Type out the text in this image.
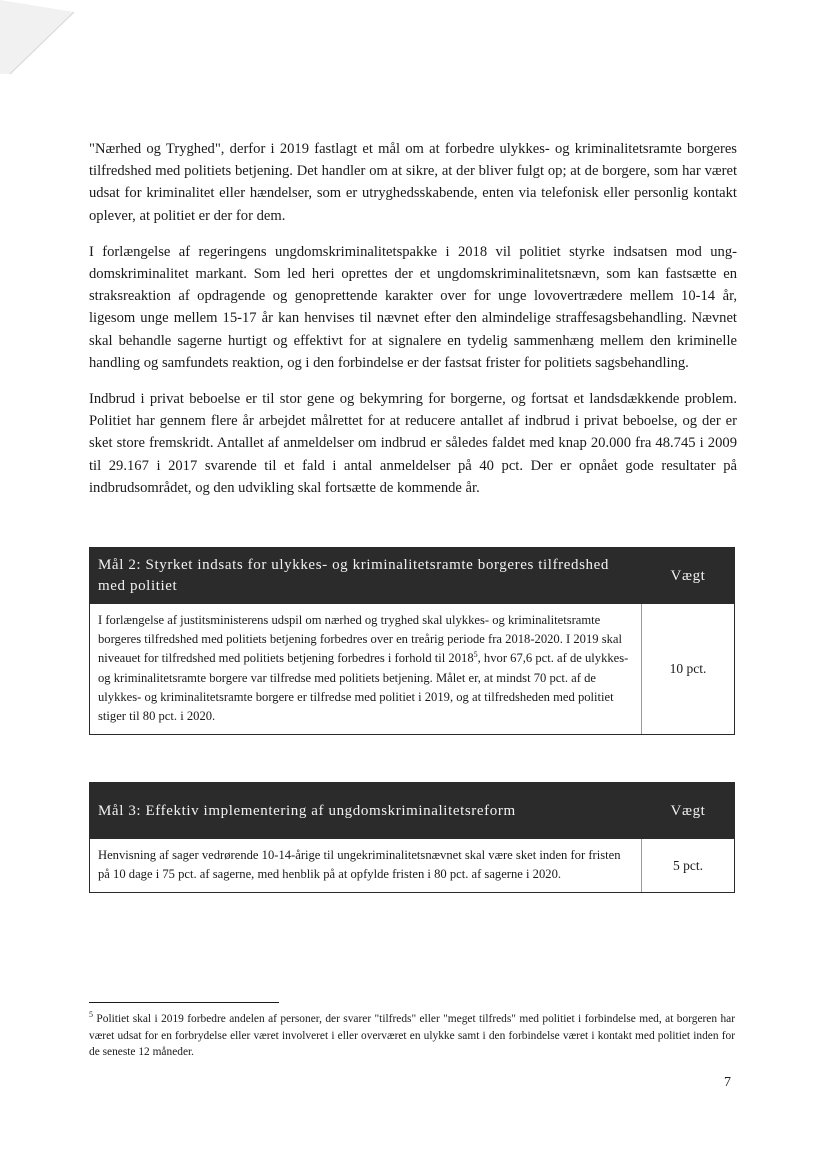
"Nærhed og Tryghed", derfor i 2019 fastlagt et mål om at forbedre ulykkes- og kriminalitetsramte borgeres tilfredshed med politiets betjening. Det handler om at sikre, at der bliver fulgt op; at de borgere, som har været udsat for kriminalitet eller hændelser, som er utryghedsskabende, enten via telefonisk eller personlig kontakt oplever, at politiet er der for dem.

I forlængelse af regeringens ungdomskriminalitetspakke i 2018 vil politiet styrke indsatsen mod ungdomskriminalitet markant. Som led heri oprettes der et ungdomskriminalitetsnævn, som kan fastsætte en straksreaktion af opdragende og genoprettende karakter over for unge lovovertrædere mellem 10-14 år, ligesom unge mellem 15-17 år kan henvises til nævnet efter den almindelige straffesagsbehandling. Nævnet skal behandle sagerne hurtigt og effektivt for at signalere en tydelig sammenhæng mellem den kriminelle handling og samfundets reaktion, og i den forbindelse er der fastsat frister for politiets sagsbehandling.

Indbrud i privat beboelse er til stor gene og bekymring for borgerne, og fortsat et landsdækkende problem. Politiet har gennem flere år arbejdet målrettet for at reducere antallet af indbrud i privat beboelse, og der er sket store fremskridt. Antallet af anmeldelser om indbrud er således faldet med knap 20.000 fra 48.745 i 2009 til 29.167 i 2017 svarende til et fald i antal anmeldelser på 40 pct. Der er opnået gode resultater på indbrudsområdet, og den udvikling skal fortsætte de kommende år.

Mål 2: Styrket indsats for ulykkes- og kriminalitetsramte borgeres tilfredshed med politiet
Vægt
I forlængelse af justitsministerens udspil om nærhed og tryghed skal ulykkes- og kriminalitetsramte borgeres tilfredshed med politiets betjening forbedres over en treårig periode fra 2018-2020. I 2019 skal niveauet for tilfredshed med politiets betjening forbedres i forhold til 2018$^5$, hvor 67,6 pct. af de ulykkes- og kriminalitetsramte borgere var tilfredse med politiets betjening. Målet er, at mindst 70 pct. af de ulykkes- og kriminalitetsramte borgere er tilfredse med politiet i 2019, og at tilfredsheden med politiet stiger til 80 pct. i 2020.
10 pct.
Mål 3: Effektiv implementering af ungdomskriminalitetsreform	Vægt
Henvisning af sager vedrørende 10-14-årige til ungekriminalitetsnævnet skal være sket inden for fristen på 10 dage i 75 pct. af sagerne, med henblik på at opfylde fristen i 80 pct. af sagerne i 2020.
5 pct.
$^5$ Politiet skal i 2019 forbedre andelen af personer, der svarer "tilfreds" eller "meget tilfreds" med politiet i forbindelse med, at borgeren har været udsat for en forbrydelse eller været involveret i eller overværet en ulykke samt i den forbindelse været i kontakt med politiet inden for de seneste 12 måneder.
7
